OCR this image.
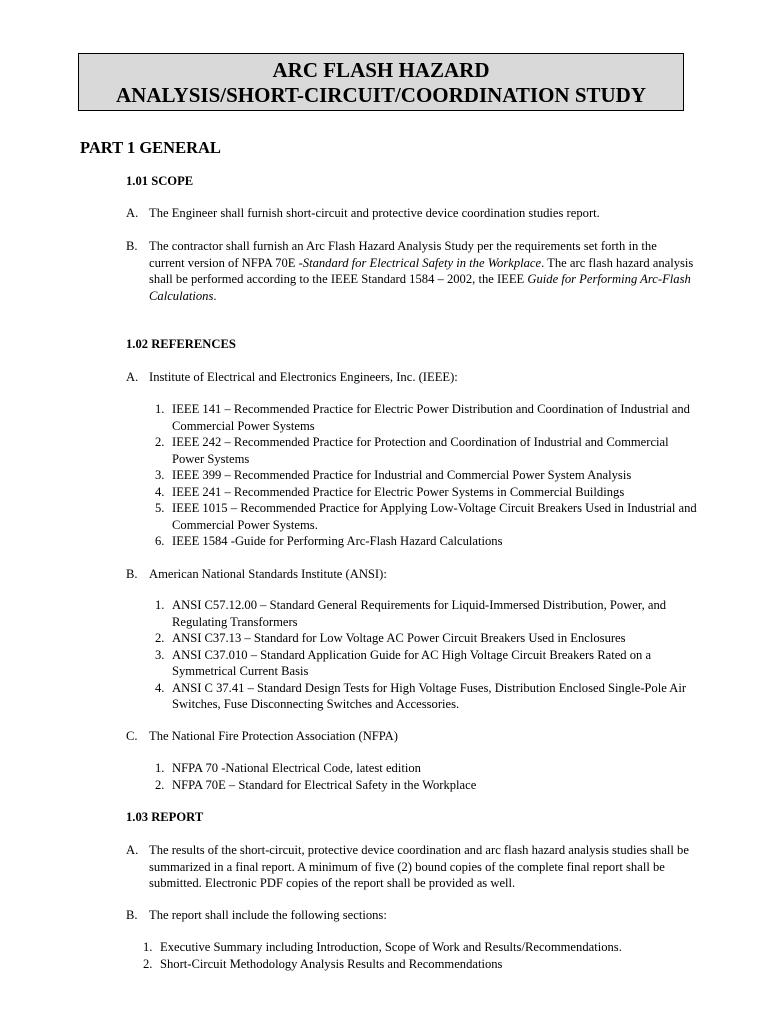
ARC FLASH HAZARD
ANALYSIS/SHORT-CIRCUIT/COORDINATION STUDY
PART 1 GENERAL
1.01 SCOPE
A. The Engineer shall furnish short-circuit and protective device coordination studies report.
B. The contractor shall furnish an Arc Flash Hazard Analysis Study per the requirements set forth in the current version of NFPA 70E -Standard for Electrical Safety in the Workplace. The arc flash hazard analysis shall be performed according to the IEEE Standard 1584 – 2002, the IEEE Guide for Performing Arc-Flash Calculations.
1.02 REFERENCES
A. Institute of Electrical and Electronics Engineers, Inc. (IEEE):
1. IEEE 141 – Recommended Practice for Electric Power Distribution and Coordination of Industrial and Commercial Power Systems
2. IEEE 242 – Recommended Practice for Protection and Coordination of Industrial and Commercial Power Systems
3. IEEE 399 – Recommended Practice for Industrial and Commercial Power System Analysis
4. IEEE 241 – Recommended Practice for Electric Power Systems in Commercial Buildings
5. IEEE 1015 – Recommended Practice for Applying Low-Voltage Circuit Breakers Used in Industrial and Commercial Power Systems.
6. IEEE 1584 -Guide for Performing Arc-Flash Hazard Calculations
B. American National Standards Institute (ANSI):
1. ANSI C57.12.00 – Standard General Requirements for Liquid-Immersed Distribution, Power, and Regulating Transformers
2. ANSI C37.13 – Standard for Low Voltage AC Power Circuit Breakers Used in Enclosures
3. ANSI C37.010 – Standard Application Guide for AC High Voltage Circuit Breakers Rated on a Symmetrical Current Basis
4. ANSI C 37.41 – Standard Design Tests for High Voltage Fuses, Distribution Enclosed Single-Pole Air Switches, Fuse Disconnecting Switches and Accessories.
C. The National Fire Protection Association (NFPA)
1. NFPA 70 -National Electrical Code, latest edition
2. NFPA 70E – Standard for Electrical Safety in the Workplace
1.03 REPORT
A. The results of the short-circuit, protective device coordination and arc flash hazard analysis studies shall be summarized in a final report. A minimum of five (2) bound copies of the complete final report shall be submitted. Electronic PDF copies of the report shall be provided as well.
B. The report shall include the following sections:
1. Executive Summary including Introduction, Scope of Work and Results/Recommendations.
2. Short-Circuit Methodology Analysis Results and Recommendations
